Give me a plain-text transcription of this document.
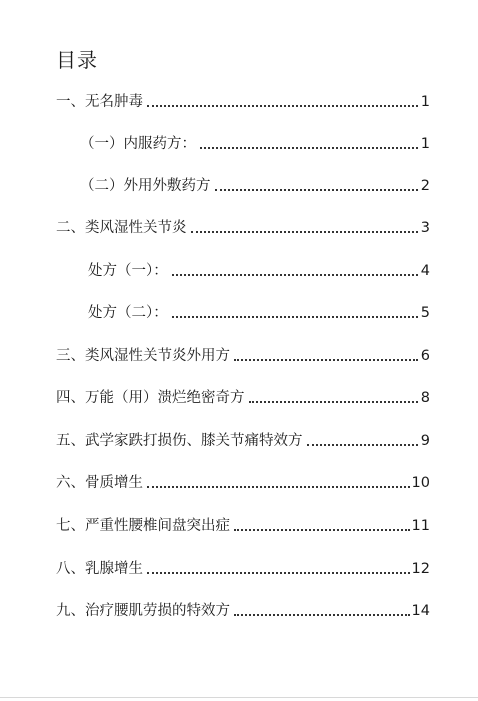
目录
一、无名肿毒	1
（一）内服药方：	1
（二）外用外敷药方	2
二、类风湿性关节炎	3
处方（一）：	4
处方（二）：	5
三、类风湿性关节炎外用方	6
四、万能（用）溃烂绝密奇方	8
五、武学家跌打损伤、膝关节痛特效方	9
六、骨质增生	10
七、严重性腰椎间盘突出症	11
八、乳腺增生	12
九、治疗腰肌劳损的特效方	14
